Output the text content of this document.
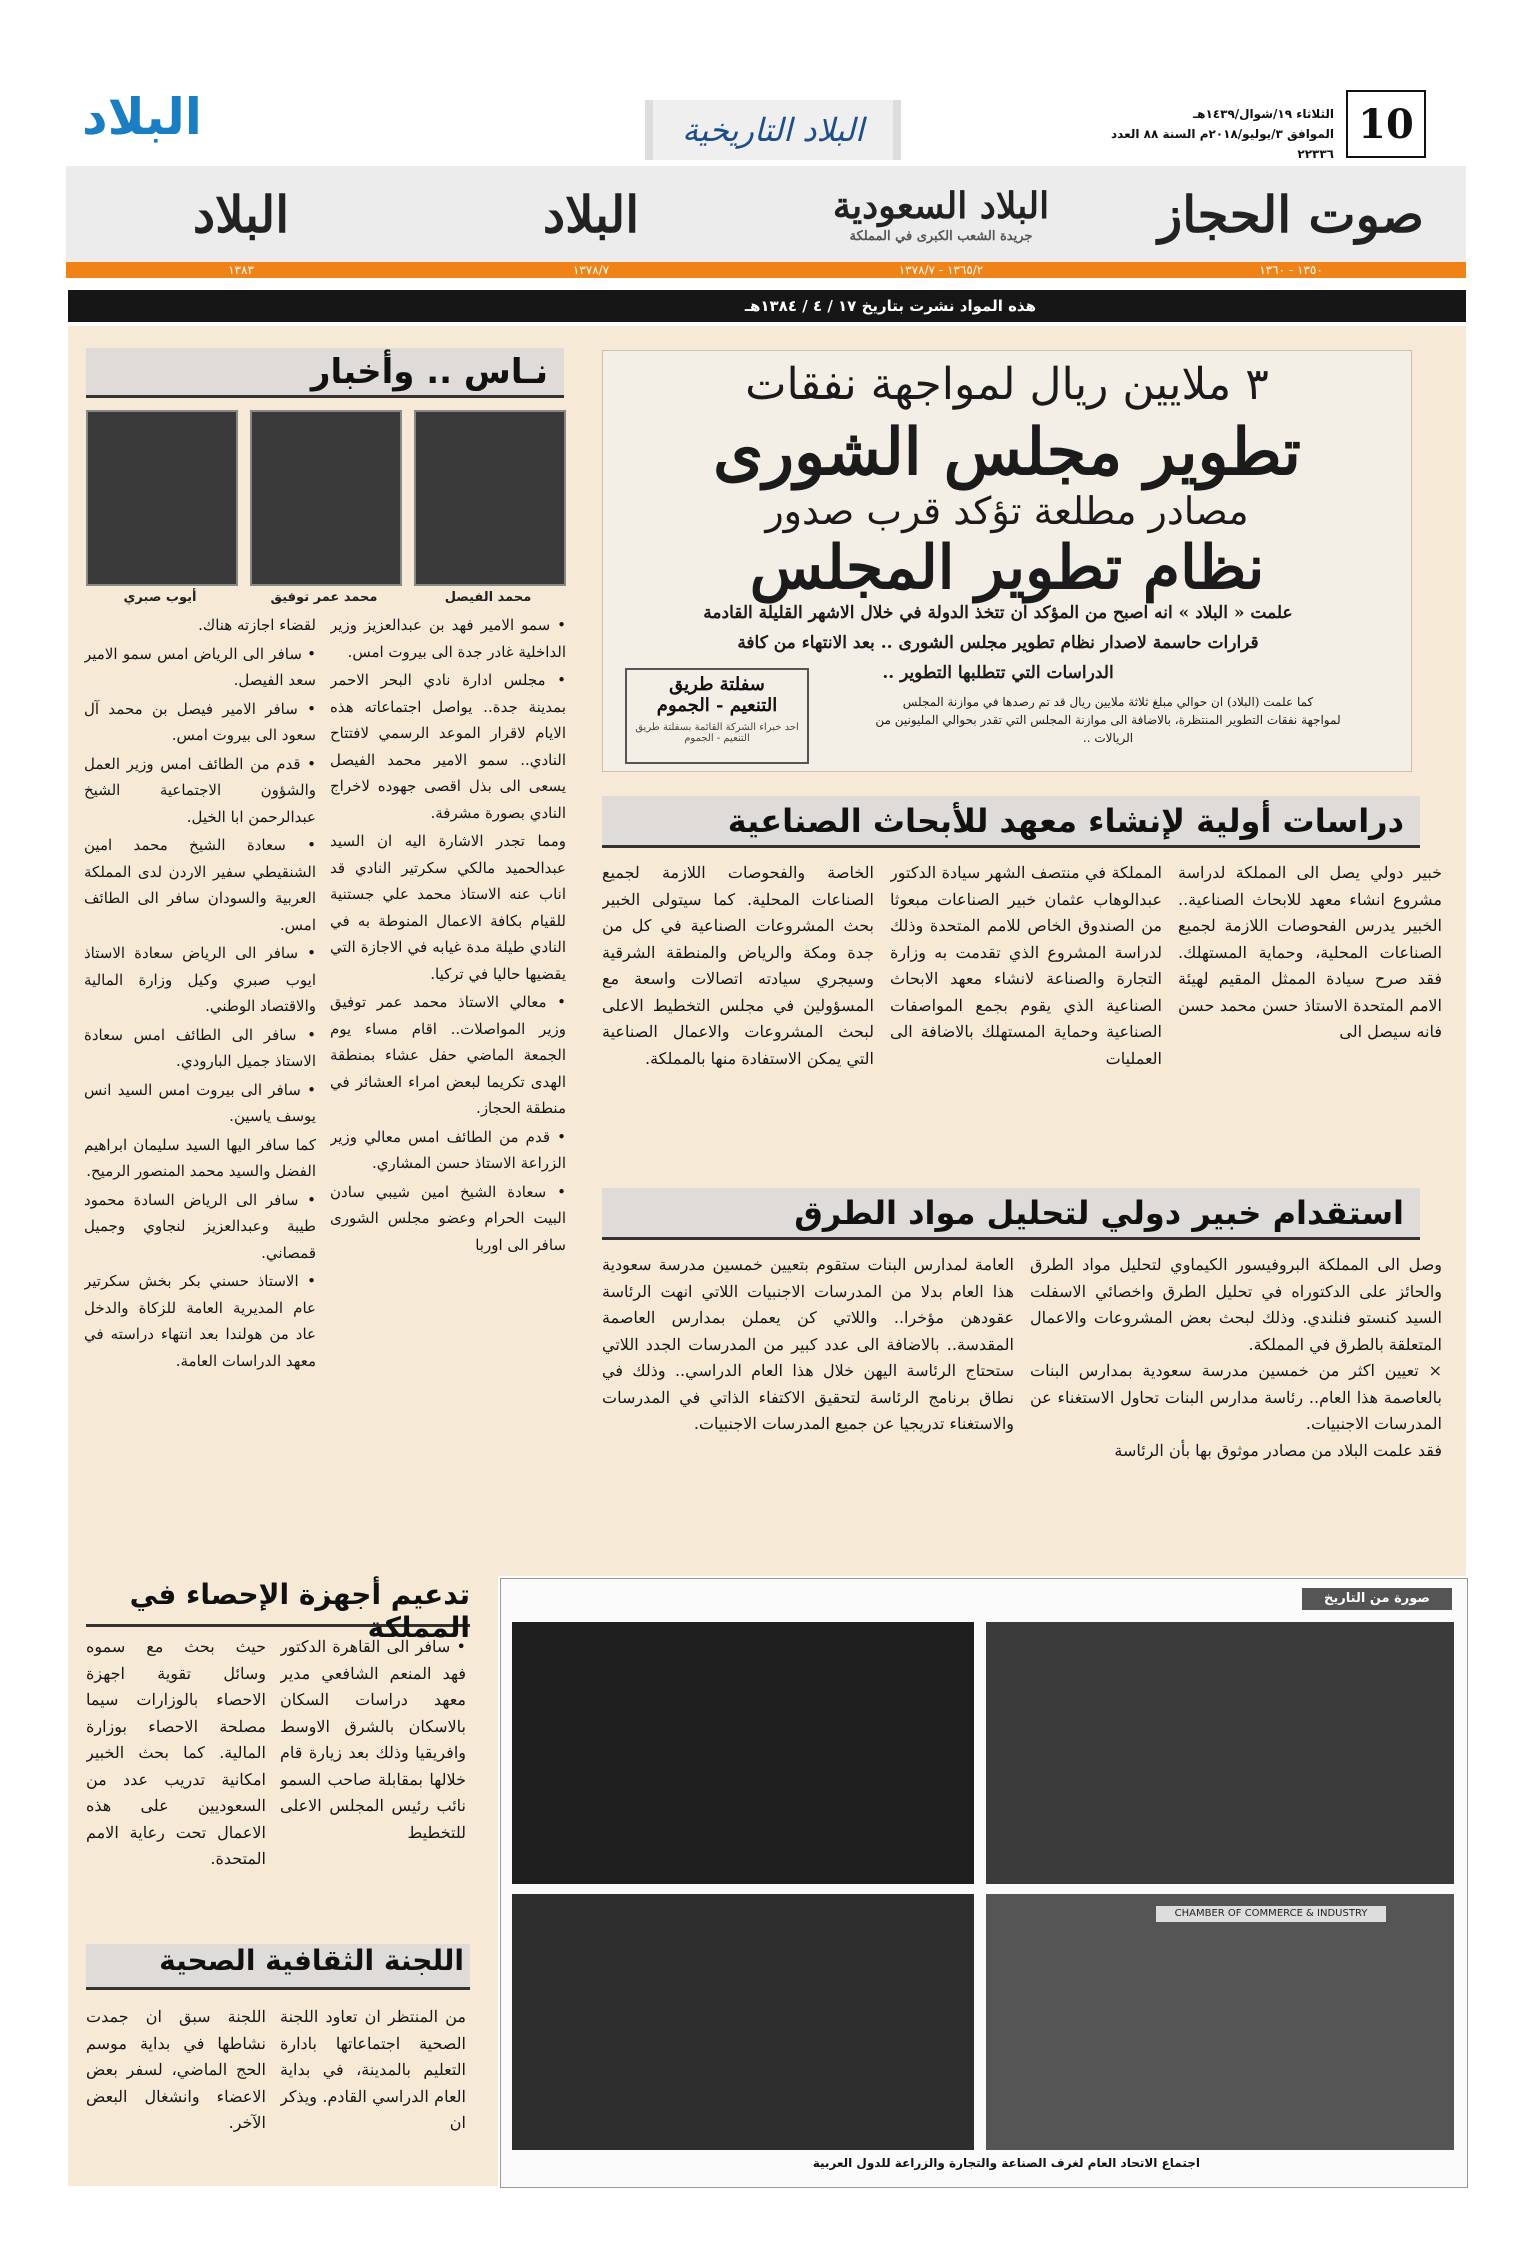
10
الثلاثاء ١٩/شوال/١٤٣٩هـ
الموافق ٣/يوليو/٢٠١٨م السنة ٨٨ العدد ٢٢٣٣٦
البلاد التاريخية
البلاد
صوت الحجاز
البلاد السعودية
جريدة الشعب الكبرى في المملكة
البلاد
البلاد
١٣٥٠ - ١٣٦٠
١٣٦٥/٢ - ١٣٧٨/٧
١٣٧٨/٧
١٣٨٣
هذه المواد نشرت بتاريخ ١٧ / ٤ / ١٣٨٤هـ
٣ ملايين ريال لمواجهة نفقات
تطوير مجلس الشورى
مصادر مطلعة تؤكد قرب صدور
نظام تطوير المجلس
علمت « البلاد » انه اصبح من المؤكد ان تتخذ الدولة في خلال الاشهر القليلة القادمة
قرارات حاسمة لاصدار نظام تطوير مجلس الشورى .. بعد الانتهاء من كافة
الدراسات التي تتطلبها التطوير ..
كما علمت (البلاد) ان حوالي مبلغ ثلاثة ملايين ريال قد تم رصدها في موازنة المجلس
لمواجهة نفقات التطوير المنتظرة، بالاضافة الى موازنة المجلس التي تقدر بحوالي المليونين من
الريالات ..
سفلتة طريق
التنعيم - الجموم
احد خبراء الشركة القائمة بسفلتة طريق التنعيم - الجموم
نـاس .. وأخبار
محمد الفيصل
محمد عمر توفيق
أيوب صبري

• سمو الامير فهد بن عبدالعزيز وزير الداخلية غادر جدة الى بيروت امس.

• مجلس ادارة نادي البحر الاحمر بمدينة جدة.. يواصل اجتماعاته هذه الايام لاقرار الموعد الرسمي لافتتاح النادي.. سمو الامير محمد الفيصل يسعى الى بذل اقصى جهوده لاخراج النادي بصورة مشرفة.

ومما تجدر الاشارة اليه ان السيد عبدالحميد مالكي سكرتير النادي قد اناب عنه الاستاذ محمد علي جستنية للقيام بكافة الاعمال المنوطة به في النادي طيلة مدة غيابه في الاجازة التي يقضيها حاليا في تركيا.

• معالي الاستاذ محمد عمر توفيق وزير المواصلات.. اقام مساء يوم الجمعة الماضي حفل عشاء بمنطقة الهدى تكريما لبعض امراء العشائر في منطقة الحجاز.

• قدم من الطائف امس معالي وزير الزراعة الاستاذ حسن المشاري.

• سعادة الشيخ امين شيبي سادن البيت الحرام وعضو مجلس الشورى سافر الى اوربا

لقضاء اجازته هناك.

• سافر الى الرياض امس سمو الامير سعد الفيصل.

• سافر الامير فيصل بن محمد آل سعود الى بيروت امس.

• قدم من الطائف امس وزير العمل والشؤون الاجتماعية الشيخ عبدالرحمن ابا الخيل.

• سعادة الشيخ محمد امين الشنقيطي سفير الاردن لدى المملكة العربية والسودان سافر الى الطائف امس.

• سافر الى الرياض سعادة الاستاذ ايوب صبري وكيل وزارة المالية والاقتصاد الوطني.

• سافر الى الطائف امس سعادة الاستاذ جميل البارودي.

• سافر الى بيروت امس السيد انس يوسف ياسين.

كما سافر اليها السيد سليمان ابراهيم الفضل والسيد محمد المنصور الرميح.

• سافر الى الرياض السادة محمود طيبة وعبدالعزيز لنجاوي وجميل قمصاني.

• الاستاذ حسني بكر بخش سكرتير عام المديرية العامة للزكاة والدخل عاد من هولندا بعد انتهاء دراسته في معهد الدراسات العامة.

دراسات أولية لإنشاء معهد للأبحاث الصناعية
خبير دولي يصل الى المملكة لدراسة مشروع انشاء معهد للابحاث الصناعية.. الخبير يدرس الفحوصات اللازمة لجميع الصناعات المحلية، وحماية المستهلك. فقد صرح سيادة الممثل المقيم لهيئة الامم المتحدة الاستاذ حسن محمد حسن فانه سيصل الى
المملكة في منتصف الشهر سيادة الدكتور عبدالوهاب عثمان خبير الصناعات مبعوثا من الصندوق الخاص للامم المتحدة وذلك لدراسة المشروع الذي تقدمت به وزارة التجارة والصناعة لانشاء معهد الابحاث الصناعية الذي يقوم بجمع المواصفات الصناعية وحماية المستهلك بالاضافة الى العمليات
الخاصة والفحوصات اللازمة لجميع الصناعات المحلية. كما سيتولى الخبير بحث المشروعات الصناعية في كل من جدة ومكة والرياض والمنطقة الشرقية وسيجري سيادته اتصالات واسعة مع المسؤولين في مجلس التخطيط الاعلى لبحث المشروعات والاعمال الصناعية التي يمكن الاستفادة منها بالمملكة.
استقدام خبير دولي لتحليل مواد الطرق
وصل الى المملكة البروفيسور الكيماوي لتحليل مواد الطرق والحائز على الدكتوراه في تحليل الطرق واخصائي الاسفلت السيد كنستو فنلندي. وذلك لبحث بعض المشروعات والاعمال المتعلقة بالطرق في المملكة.
× تعيين اكثر من خمسين مدرسة سعودية بمدارس البنات بالعاصمة هذا العام.. رئاسة مدارس البنات تحاول الاستغناء عن المدرسات الاجنبيات.
فقد علمت البلاد من مصادر موثوق بها بأن الرئاسة
العامة لمدارس البنات ستقوم بتعيين خمسين مدرسة سعودية هذا العام بدلا من المدرسات الاجنبيات اللاتي انهت الرئاسة عقودهن مؤخرا.. واللاتي كن يعملن بمدارس العاصمة المقدسة.. بالاضافة الى عدد كبير من المدرسات الجدد اللاتي ستحتاج الرئاسة اليهن خلال هذا العام الدراسي.. وذلك في نطاق برنامج الرئاسة لتحقيق الاكتفاء الذاتي في المدرسات والاستغناء تدريجيا عن جميع المدرسات الاجنبيات.
تدعيم أجهزة الإحصاء في المملكة
• سافر الى القاهرة الدكتور فهد المنعم الشافعي مدير معهد دراسات السكان بالاسكان بالشرق الاوسط وافريقيا وذلك بعد زيارة قام خلالها بمقابلة صاحب السمو نائب رئيس المجلس الاعلى للتخطيط
حيث بحث مع سموه وسائل تقوية اجهزة الاحصاء بالوزارات سيما مصلحة الاحصاء بوزارة المالية. كما بحث الخبير امكانية تدريب عدد من السعوديين على هذه الاعمال تحت رعاية الامم المتحدة.
اللجنة الثقافية الصحية
من المنتظر ان تعاود اللجنة الصحية اجتماعاتها بادارة التعليم بالمدينة، في بداية العام الدراسي القادم. ويذكر ان
اللجنة سبق ان جمدت نشاطها في بداية موسم الحج الماضي، لسفر بعض الاعضاء وانشغال البعض الآخر.
صورة من التاريخ
CHAMBER OF COMMERCE & INDUSTRY
اجتماع الاتحاد العام لغرف الصناعة والتجارة والزراعة للدول العربية
